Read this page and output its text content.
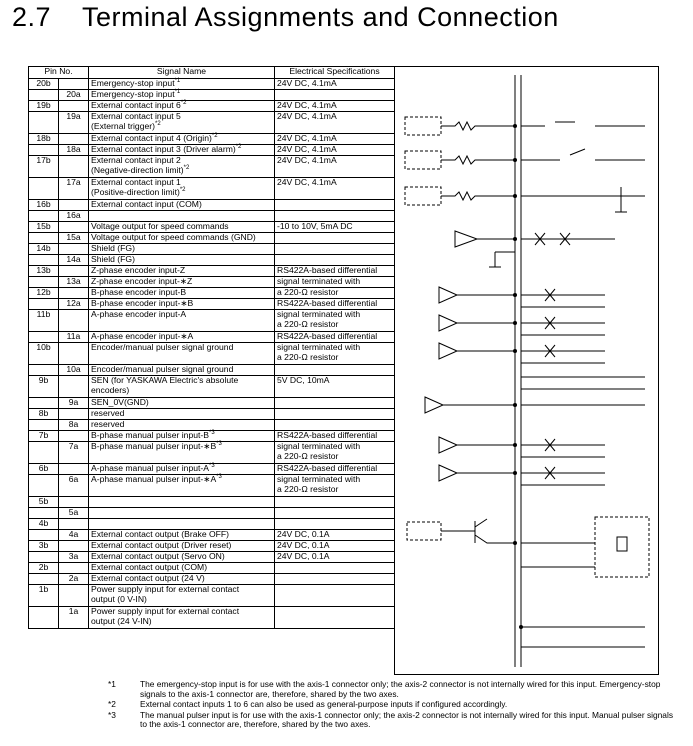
2.7 Terminal Assignments and Connection
Pin No.		Signal Name	Electrical Specifications
20b		Emergency-stop input$^{*1}$	24V DC, 4.1mA
	20a	Emergency-stop input$^{*1}$	
19b		External contact input 6$^{*2}$	24V DC, 4.1mA
	19a	External contact input 5
(External trigger)$^{*2}$	24V DC, 4.1mA
18b		External contact input 4 (Origin)$^{*2}$	24V DC, 4.1mA
	18a	External contact input 3 (Driver alarm)$^{*2}$	24V DC, 4.1mA
17b		External contact input 2
(Negative-direction limit)$^{*2}$	24V DC, 4.1mA
	17a	External contact input 1
(Positive-direction limit)$^{*2}$	24V DC, 4.1mA
16b		External contact input (COM)	
	16a		
15b		Voltage output for speed commands	-10 to 10V, 5mA DC
	15a	Voltage output for speed commands (GND)	
14b		Shield (FG)	
	14a	Shield (FG)	
13b		Z-phase encoder input-Z	RS422A-based differential
	13a	Z-phase encoder input-∗Z	signal terminated with
12b		B-phase encoder input-B	a 220-Ω resistor
	12a	B-phase encoder input-∗B	RS422A-based differential
11b		A-phase encoder input-A	signal terminated with
a 220-Ω resistor
	11a	A-phase encoder input-∗A	RS422A-based differential
10b		Encoder/manual pulser signal ground	signal terminated with
a 220-Ω resistor
	10a	Encoder/manual pulser signal ground	
9b		SEN (for YASKAWA Electric's absolute
encoders)	5V DC, 10mA
	9a	SEN_0V(GND)	
8b		reserved	
	8a	reserved	
7b		B-phase manual pulser input-$B^{*3}$	RS422A-based differential
	7a	B-phase manual pulser input-$∗B^{*3}$	signal terminated with
a 220-Ω resistor
6b		A-phase manual pulser input-$A^{*3}$	RS422A-based differential
	6a	A-phase manual pulser input-$∗A^{*3}$	signal terminated with
a 220-Ω resistor
5b			
	5a		
4b			
	4a	External contact output (Brake OFF)	24V DC, 0.1A
3b		External contact output (Driver reset)	24V DC, 0.1A
	3a	External contact output (Servo ON)	24V DC, 0.1A
2b		External contact output (COM)	
	2a	External contact output (24 V)	
1b		Power supply input for external contact
output (0 V-IN)	
	1a	Power supply input for external contact
output (24 V-IN)	
*1	The emergency-stop input is for use with the axis-1 connector only; the axis-2 connector is not internally wired for this input. Emergency-stop signals to the axis-1 connector are, therefore, shared by the two axes.
*2	External contact inputs 1 to 6 can also be used as general-purpose inputs if configured accordingly.
*3	The manual pulser input is for use with the axis-1 connector only; the axis-2 connector is not internally wired for this input. Manual pulser signals to the axis-1 connector are, therefore, shared by the two axes.
